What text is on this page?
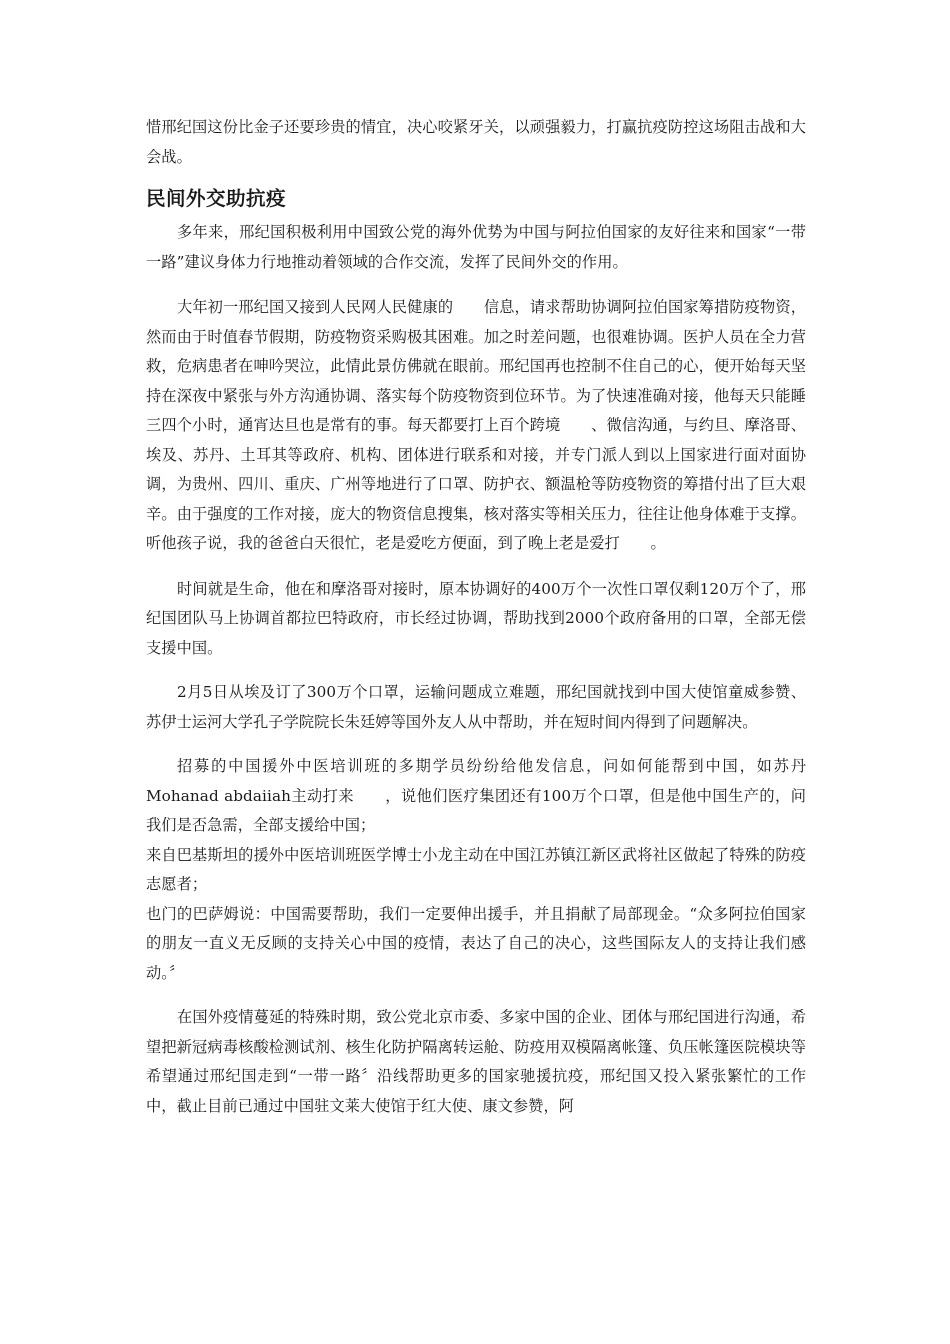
惜邢纪国这份比金子还要珍贵的情宜，决心咬紧牙关，以顽强毅力，打赢抗疫防控这场阻击战和大会战。

民间外交助抗疫

多年来，邢纪国积极利用中国致公党的海外优势为中国与阿拉伯国家的友好往来和国家“一带一路”建议身体力行地推动着领域的合作交流，发挥了民间外交的作用。

大年初一邢纪国又接到人民网人民健康的　　信息，请求帮助协调阿拉伯国家筹措防疫物资，然而由于时值春节假期，防疫物资采购极其困难。加之时差问题，也很难协调。医护人员在全力营救，危病患者在呻吟哭泣，此情此景仿佛就在眼前。邢纪国再也控制不住自己的心，便开始每天坚持在深夜中紧张与外方沟通协调、落实每个防疫物资到位环节。为了快速准确对接，他每天只能睡三四个小时，通宵达旦也是常有的事。每天都要打上百个跨境　　、微信沟通，与约旦、摩洛哥、埃及、苏丹、土耳其等政府、机构、团体进行联系和对接，并专门派人到以上国家进行面对面协调，为贵州、四川、重庆、广州等地进行了口罩、防护衣、额温枪等防疫物资的筹措付出了巨大艰辛。由于强度的工作对接，庞大的物资信息搜集，核对落实等相关压力，往往让他身体难于支撑。听他孩子说，我的爸爸白天很忙，老是爱吃方便面，到了晚上老是爱打　　。

时间就是生命，他在和摩洛哥对接时，原本协调好的400万个一次性口罩仅剩120万个了，邢纪国团队马上协调首都拉巴特政府，市长经过协调，帮助找到2000个政府备用的口罩，全部无偿支援中国。

2月5日从埃及订了300万个口罩，运输问题成立难题，邢纪国就找到中国大使馆童威参赞、苏伊士运河大学孔子学院院长朱廷婷等国外友人从中帮助，并在短时间内得到了问题解决。

招募的中国援外中医培训班的多期学员纷纷给他发信息，问如何能帮到中国，如苏丹Mohanad abdaiiah主动打来　　，说他们医疗集团还有100万个口罩，但是他中国生产的，问我们是否急需，全部支援给中国；

来自巴基斯坦的援外中医培训班医学博士小龙主动在中国江苏镇江新区武将社区做起了特殊的防疫志愿者；

也门的巴萨姆说：中国需要帮助，我们一定要伸出援手，并且捐献了局部现金。“众多阿拉伯国家的朋友一直义无反顾的支持关心中国的疫情，表达了自己的决心，这些国际友人的支持让我们感动。〞

在国外疫情蔓延的特殊时期，致公党北京市委、多家中国的企业、团体与邢纪国进行沟通，希望把新冠病毒核酸检测试剂、核生化防护隔离转运舱、防疫用双模隔离帐篷、负压帐篷医院模块等希望通过邢纪国走到“一带一路〞沿线帮助更多的国家驰援抗疫，邢纪国又投入紧张繁忙的工作中，截止目前已通过中国驻文莱大使馆于红大使、康文参赞，阿
